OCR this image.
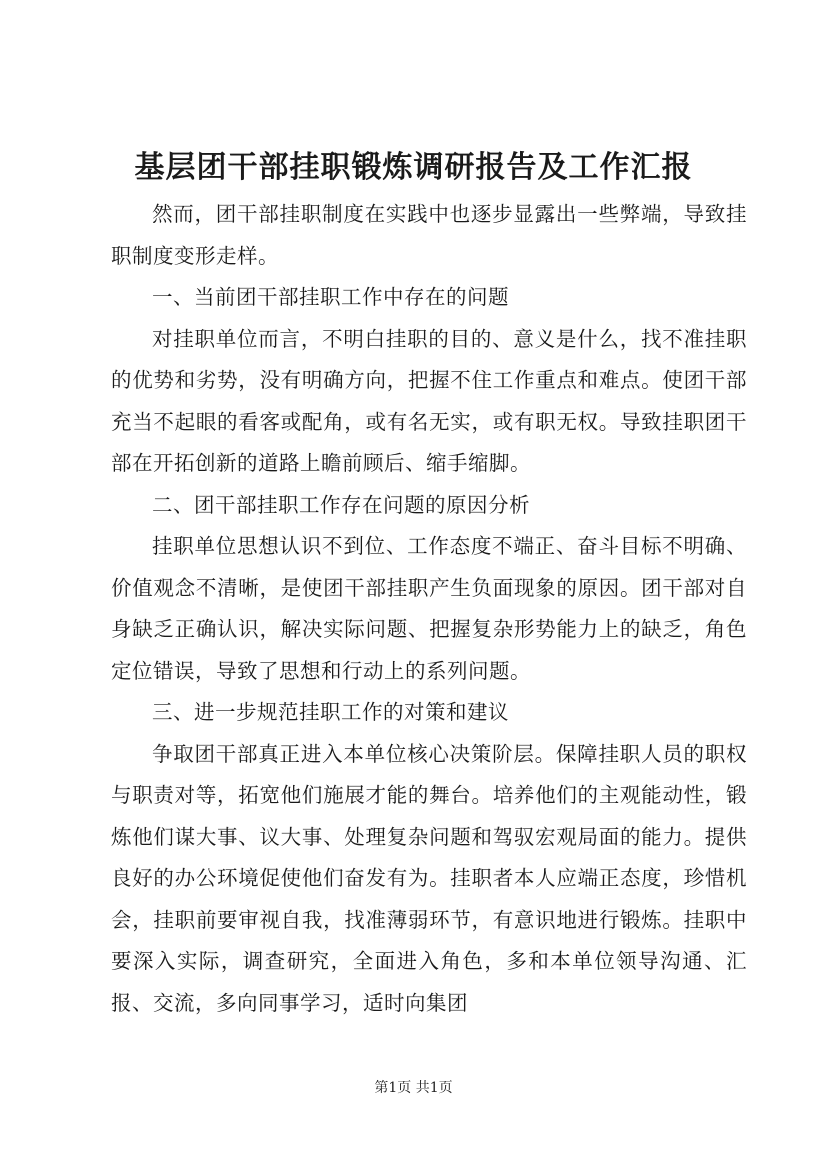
基层团干部挂职锻炼调研报告及工作汇报

然而，团干部挂职制度在实践中也逐步显露出一些弊端，导致挂职制度变形走样。

一、当前团干部挂职工作中存在的问题

对挂职单位而言，不明白挂职的目的、意义是什么，找不准挂职的优势和劣势，没有明确方向，把握不住工作重点和难点。使团干部充当不起眼的看客或配角，或有名无实，或有职无权。导致挂职团干部在开拓创新的道路上瞻前顾后、缩手缩脚。

二、团干部挂职工作存在问题的原因分析

挂职单位思想认识不到位、工作态度不端正、奋斗目标不明确、价值观念不清晰，是使团干部挂职产生负面现象的原因。团干部对自身缺乏正确认识，解决实际问题、把握复杂形势能力上的缺乏，角色定位错误，导致了思想和行动上的系列问题。

三、进一步规范挂职工作的对策和建议

争取团干部真正进入本单位核心决策阶层。保障挂职人员的职权与职责对等，拓宽他们施展才能的舞台。培养他们的主观能动性，锻炼他们谋大事、议大事、处理复杂问题和驾驭宏观局面的能力。提供良好的办公环境促使他们奋发有为。挂职者本人应端正态度，珍惜机会，挂职前要审视自我，找准薄弱环节，有意识地进行锻炼。挂职中要深入实际，调查研究，全面进入角色，多和本单位领导沟通、汇报、交流，多向同事学习，适时向集团

第1页 共1页
